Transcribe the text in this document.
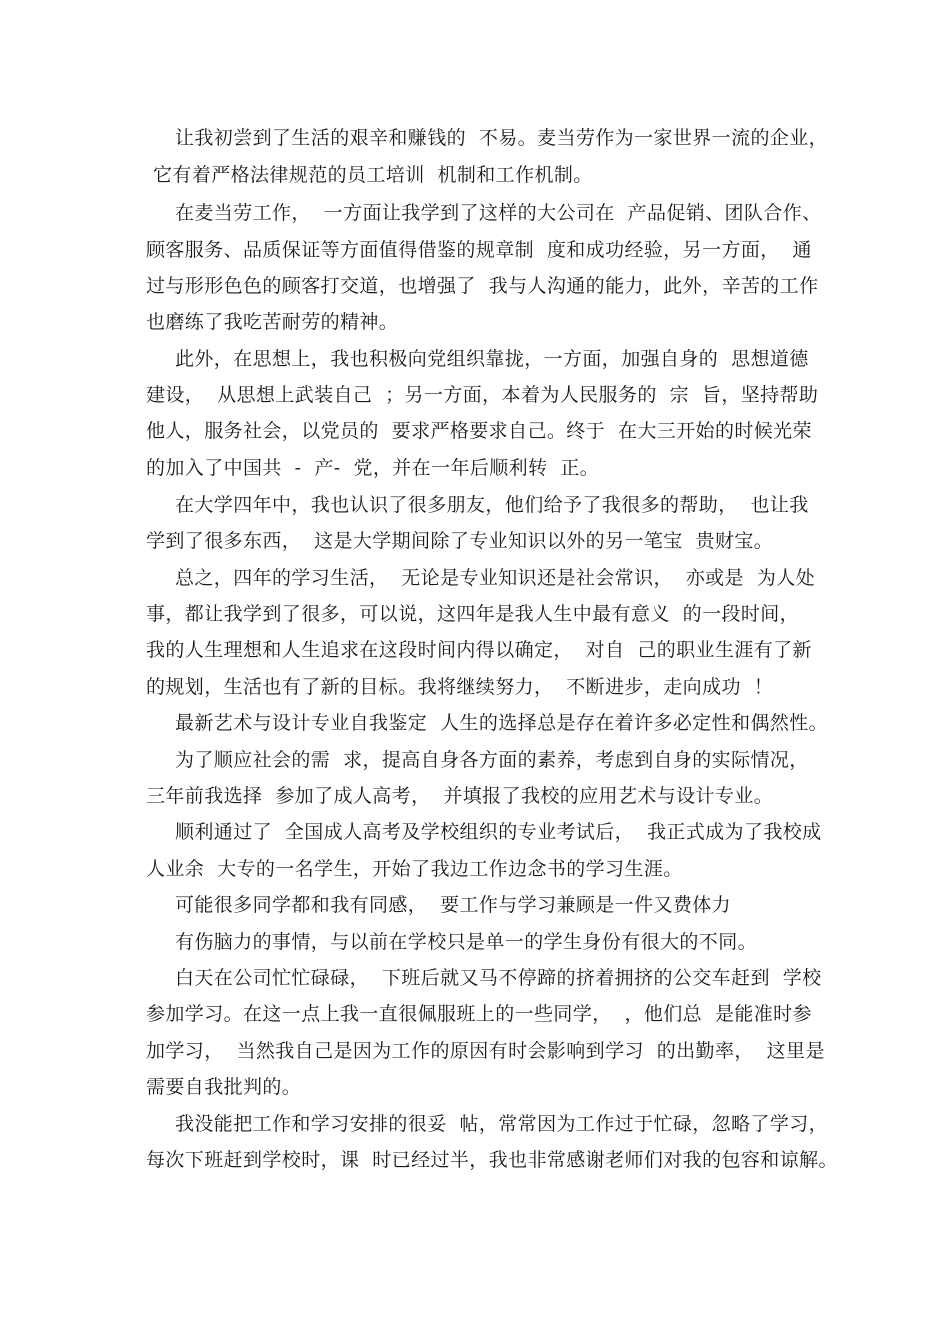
让我初尝到了生活的艰辛和赚钱的  不易。麦当劳作为一家世界一流的企业，
它有着严格法律规范的员工培训  机制和工作机制。
在麦当劳工作，  一方面让我学到了这样的大公司在  产品促销、团队合作、
顾客服务、品质保证等方面值得借鉴的规章制  度和成功经验，另一方面，  通
过与形形色色的顾客打交道，也增强了  我与人沟通的能力，此外，辛苦的工作
也磨练了我吃苦耐劳的精神。
此外，在思想上，我也积极向党组织靠拢，一方面，加强自身的  思想道德
建设，  从思想上武装自己  ；另一方面，本着为人民服务的  宗  旨，坚持帮助
他人，服务社会，以党员的  要求严格要求自己。终于  在大三开始的时候光荣
的加入了中国共  -  产-  党，并在一年后顺利转  正。
在大学四年中，我也认识了很多朋友，他们给予了我很多的帮助，  也让我
学到了很多东西，  这是大学期间除了专业知识以外的另一笔宝  贵财宝。
总之，四年的学习生活，  无论是专业知识还是社会常识，  亦或是  为人处
事，都让我学到了很多，可以说，这四年是我人生中最有意义  的一段时间，
我的人生理想和人生追求在这段时间内得以确定，  对自  己的职业生涯有了新
的规划，生活也有了新的目标。我将继续努力，  不断进步，走向成功  ！
最新艺术与设计专业自我鉴定  人生的选择总是存在着许多必定性和偶然性。
为了顺应社会的需  求，提高自身各方面的素养，考虑到自身的实际情况，
三年前我选择  参加了成人高考，  并填报了我校的应用艺术与设计专业。
顺利通过了  全国成人高考及学校组织的专业考试后，  我正式成为了我校成
人业余  大专的一名学生，开始了我边工作边念书的学习生涯。
可能很多同学都和我有同感，  要工作与学习兼顾是一件又费体力
有伤脑力的事情，与以前在学校只是单一的学生身份有很大的不同。
白天在公司忙忙碌碌，  下班后就又马不停蹄的挤着拥挤的公交车赶到  学校
参加学习。在这一点上我一直很佩服班上的一些同学，  ，他们总  是能准时参
加学习，  当然我自己是因为工作的原因有时会影响到学习  的出勤率，  这里是
需要自我批判的。
我没能把工作和学习安排的很妥  帖，常常因为工作过于忙碌，忽略了学习，
每次下班赶到学校时，课  时已经过半，我也非常感谢老师们对我的包容和谅解。
